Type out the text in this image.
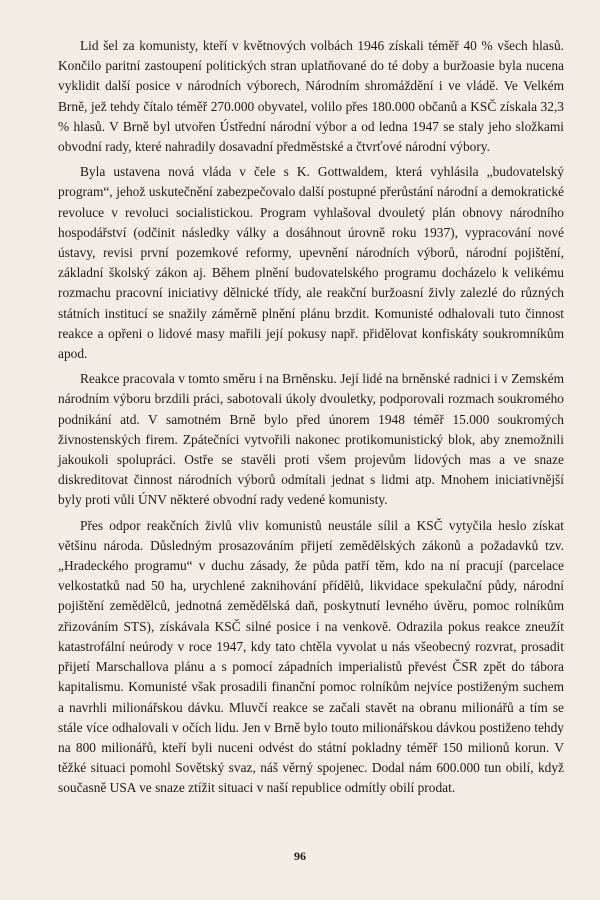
Lid šel za komunisty, kteří v květnových volbách 1946 získali téměř 40 % všech hlasů. Končilo paritní zastoupení politických stran uplatňované do té doby a buržoasie byla nucena vyklidit další posice v národních výborech, Národním shromáždění i ve vládě. Ve Velkém Brně, jež tehdy čítalo téměř 270.000 obyvatel, volilo přes 180.000 občanů a KSČ získala 32,3 % hlasů. V Brně byl utvořen Ústřední národní výbor a od ledna 1947 se staly jeho složkami obvodní rady, které nahradily dosavadní předměstské a čtvrťové národní výbory.

Byla ustavena nová vláda v čele s K. Gottwaldem, která vyhlásila „budovatelský program“, jehož uskutečnění zabezpečovalo další postupné přerůstání národní a demokratické revoluce v revoluci socialistickou. Program vyhlašoval dvouletý plán obnovy národního hospodářství (odčinit následky války a dosáhnout úrovně roku 1937), vypracování nové ústavy, revisi první pozemkové reformy, upevnění národních výborů, národní pojištění, základní školský zákon aj. Během plnění budovatelského programu docházelo k velikému rozmachu pracovní iniciativy dělnické třídy, ale reakční buržoasní živly zalezlé do různých státních institucí se snažily záměrně plnění plánu brzdit. Komunisté odhalovali tuto činnost reakce a opřeni o lidové masy mařili její pokusy např. přidělovat konfiskáty soukromníkům apod.

Reakce pracovala v tomto směru i na Brněnsku. Její lidé na brněnské radnici i v Zemském národním výboru brzdili práci, sabotovali úkoly dvouletky, podporovali rozmach soukromého podnikání atd. V samotném Brně bylo před únorem 1948 téměř 15.000 soukromých živnostenských firem. Zpátečníci vytvořili nakonec protikomunistický blok, aby znemožnili jakoukoli spolupráci. Ostře se stavěli proti všem projevům lidových mas a ve snaze diskreditovat činnost národních výborů odmítali jednat s lidmi atp. Mnohem iniciativnější byly proti vůli ÚNV některé obvodní rady vedené komunisty.

Přes odpor reakčních živlů vliv komunistů neustále sílil a KSČ vytyčila heslo získat většinu národa. Důsledným prosazováním přijetí zemědělských zákonů a požadavků tzv. „Hradeckého programu“ v duchu zásady, že půda patří těm, kdo na ní pracují (parcelace velkostatků nad 50 ha, urychlené zaknihování přídělů, likvidace spekulační půdy, národní pojištění zemědělců, jednotná zemědělská daň, poskytnutí levného úvěru, pomoc rolníkům zřizováním STS), získávala KSČ silné posice i na venkově. Odrazila pokus reakce zneužít katastrofální neúrody v roce 1947, kdy tato chtěla vyvolat u nás všeobecný rozvrat, prosadit přijetí Marschallova plánu a s pomocí západních imperialistů převést ČSR zpět do tábora kapitalismu. Komunisté však prosadili finanční pomoc rolníkům nejvíce postiženým suchem a navrhli milionářskou dávku. Mluvčí reakce se začali stavět na obranu milionářů a tím se stále více odhalovali v očích lidu. Jen v Brně bylo touto milionářskou dávkou postiženo tehdy na 800 milionářů, kteří byli nuceni odvést do státní pokladny téměř 150 milionů korun. V těžké situaci pomohl Sovětský svaz, náš věrný spojenec. Dodal nám 600.000 tun obilí, když současně USA ve snaze ztížit situaci v naší republice odmítly obilí prodat.

96
